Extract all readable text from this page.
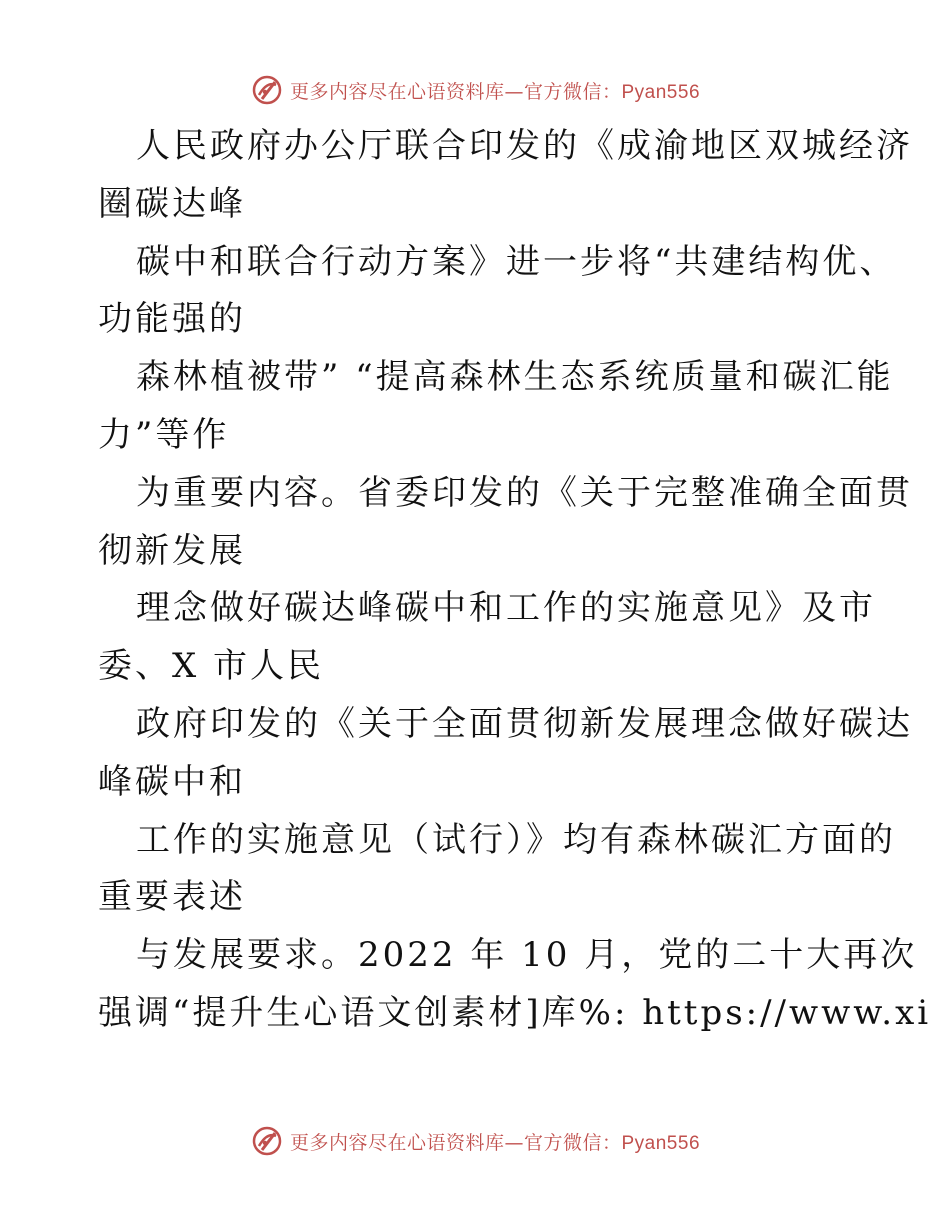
更多内容尽在心语资料库—官方微信：Pyan556
人民政府办公厅联合印发的《成渝地区双城经济
圈碳达峰
碳中和联合行动方案》进一步将“共建结构优、
功能强的
森林植被带” “提高森林生态系统质量和碳汇能
力”等作
为重要内容。省委印发的《关于完整准确全面贯
彻新发展
理念做好碳达峰碳中和工作的实施意见》及市
委、X 市人民
政府印发的《关于全面贯彻新发展理念做好碳达
峰碳中和
工作的实施意见（试行）》均有森林碳汇方面的
重要表述
与发展要求。2022 年 10 月，党的二十大再次
强调“提升生心语文创素材]库%: https://www.xi
更多内容尽在心语资料库—官方微信：Pyan556
